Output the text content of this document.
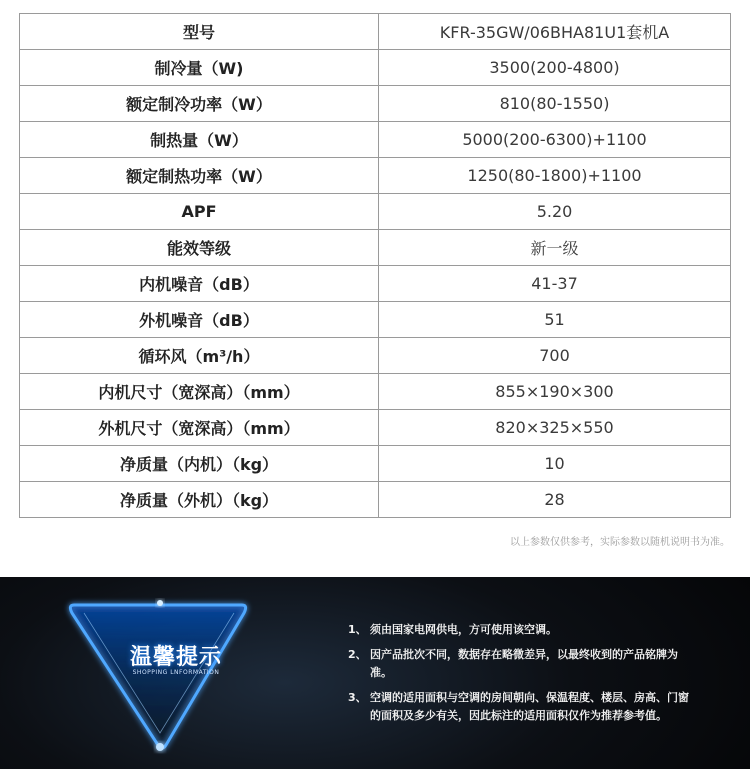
型号	KFR-35GW/06BHA81U1套机A
制冷量（W)	3500(200-4800)
额定制冷功率（W）	810(80-1550)
制热量（W）	5000(200-6300)+1100
额定制热功率（W）	1250(80-1800)+1100
APF	5.20
能效等级	新一级
内机噪音（dB）	41-37
外机噪音（dB）	51
循环风（m³/h）	700
内机尺寸（宽深高）（mm）	855×190×300
外机尺寸（宽深高）（mm）	820×325×550
净质量（内机）（kg）	10
净质量（外机）（kg）	28
以上参数仅供参考，实际参数以随机说明书为准。
温馨提示
SHOPPING LNFORMATION
1、 须由国家电网供电，方可使用该空调。
2、 因产品批次不同，数据存在略微差异，以最终收到的产品铭牌为准。
3、 空调的适用面积与空调的房间朝向、保温程度、楼层、房高、门窗的面积及多少有关，因此标注的适用面积仅作为推荐参考值。
